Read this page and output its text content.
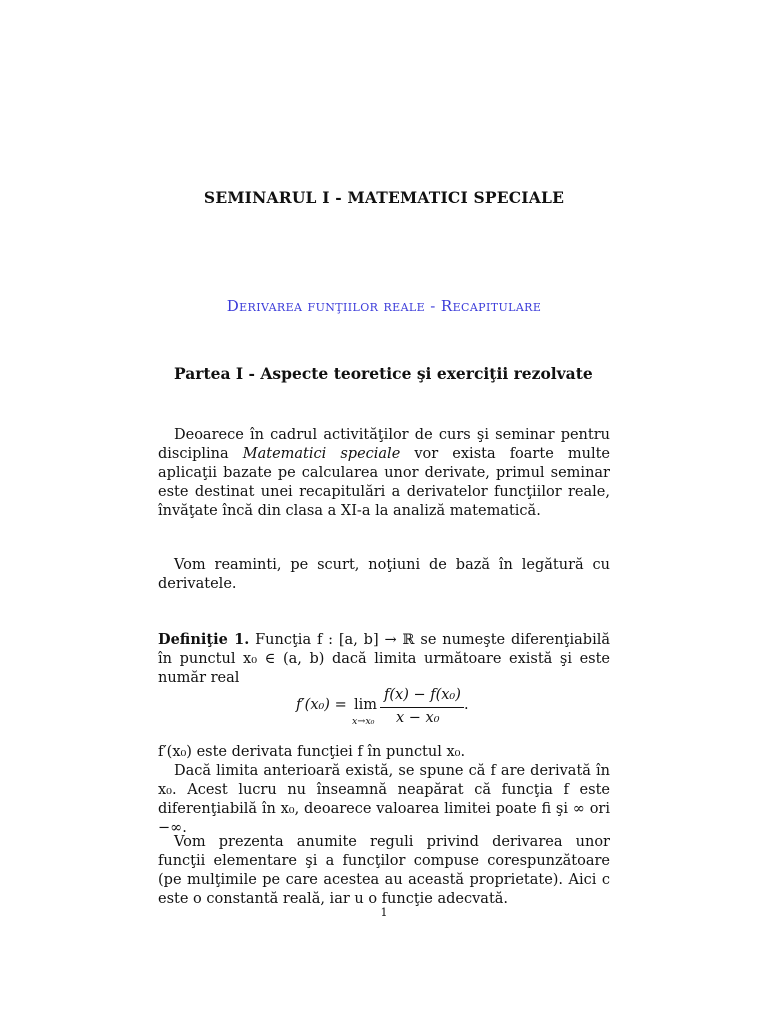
SEMINARUL I - MATEMATICI SPECIALE
Derivarea funţiilor reale - Recapitulare
Partea I - Aspecte teoretice şi exerciţii rezolvate
Deoarece în cadrul activităţilor de curs şi seminar pentru disciplina Matematici speciale vor exista foarte multe aplicaţii bazate pe calcularea unor derivate, primul seminar este destinat unei recapitulări a derivatelor funcţiilor reale, învăţate încă din clasa a XI-a la analiză matematică.
Vom reaminti, pe scurt, noţiuni de bază în legătură cu derivatele.
Definiţie 1. Funcţia f : [a, b] → ℝ se numeşte diferenţiabilă în punctul x₀ ∈ (a, b) dacă limita următoare există şi este număr real
f′(x₀) = lim
x→x₀
f(x) − f(x₀)
x − x₀
.
f′(x₀) este derivata funcţiei f în punctul x₀.
Dacă limita anterioară există, se spune că f are derivată în x₀. Acest lucru nu înseamnă neapărat că funcţia f este diferenţiabilă în x₀, deoarece valoarea limitei poate fi şi ∞ ori −∞.
Vom prezenta anumite reguli privind derivarea unor funcţii elementare şi a funcţilor compuse corespunzătoare (pe mulţimile pe care acestea au această proprietate). Aici c este o constantă reală, iar u o funcţie adecvată.
1
